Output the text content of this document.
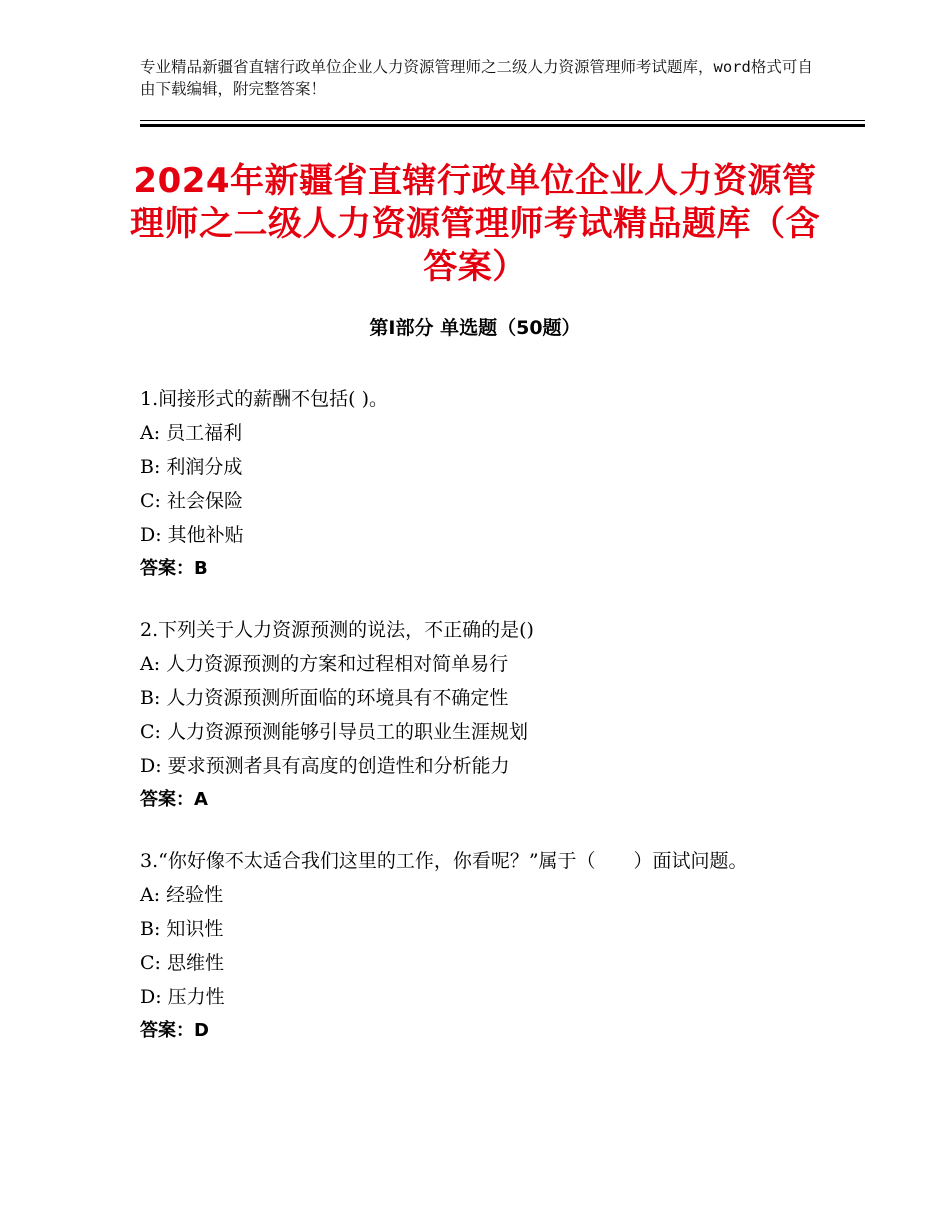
专业精品新疆省直辖行政单位企业人力资源管理师之二级人力资源管理师考试题库，word格式可自由下载编辑，附完整答案！
2024年新疆省直辖行政单位企业人力资源管理师之二级人力资源管理师考试精品题库（含答案）
第Ⅰ部分 单选题（50题）
1.间接形式的薪酬不包括( )。
A: 员工福利
B: 利润分成
C: 社会保险
D: 其他补贴
答案：B
2.下列关于人力资源预测的说法，不正确的是()
A: 人力资源预测的方案和过程相对简单易行
B: 人力资源预测所面临的环境具有不确定性
C: 人力资源预测能够引导员工的职业生涯规划
D: 要求预测者具有高度的创造性和分析能力
答案：A
3.“你好像不太适合我们这里的工作，你看呢？”属于（　　）面试问题。
A: 经验性
B: 知识性
C: 思维性
D: 压力性
答案：D
